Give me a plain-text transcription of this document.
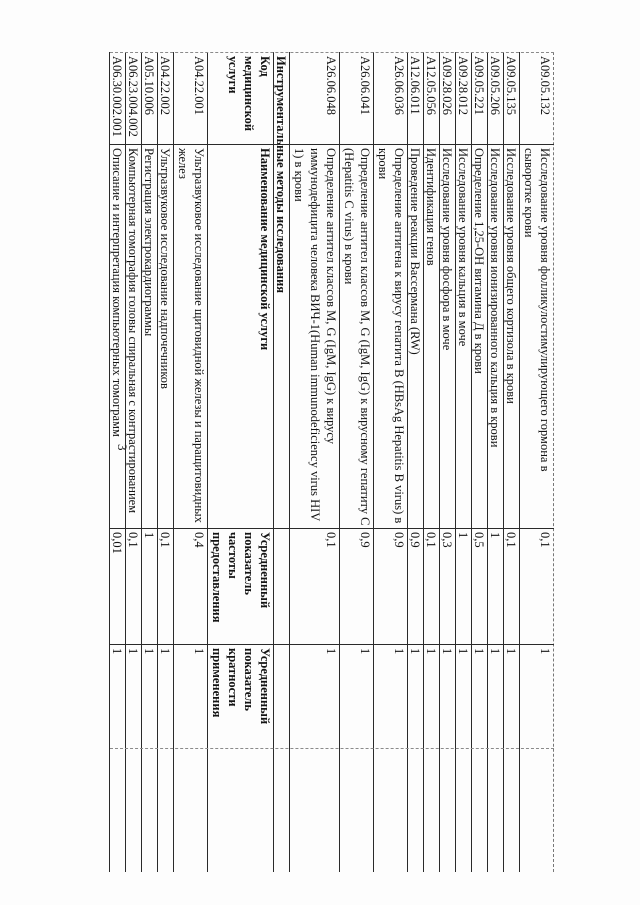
3
A09.05.132
Исследование уровня фолликулостимулирующего гормона в сыворотке крови
0,1
1
A09.05.135
Исследование уровня общего кортизола в крови
0,1
1
A09.05.206
Исследование уровня ионизированного кальция в крови
1
1
A09.05.221
Определение 1,25-ОН витамина Д в крови
0,5
1
A09.28.012
Исследование уровня кальция в моче
1
1
A09.28.026
Исследование уровня фосфора в моче
0,3
1
A12.05.056
Идентификация генов
0,1
1
A12.06.011
Проведение реакции Вассермана (RW)
0,9
1
A26.06.036
Определение антигена к вирусу гепатита B (HBsAg Hepatitis B virus) в крови
0,9
1
A26.06.041
Определение антител классов M, G (IgM, IgG) к вирусному гепатиту C (Hepatitis C virus) в крови
0,9
1
A26.06.048
Определение антител классов M, G (IgM, IgG) к вирусу иммунодефицита человека ВИЧ-1(Human immunodeficiency virus HIV 1) в крови
0,1
1
Инструментальные методы исследования
Код медицинской услуги
Наименование медицинской услуги
Усредненный показатель частоты предоставления
Усредненный показатель кратности применения
A04.22.001
Ультразвуковое исследование щитовидной железы и паращитовидных желез
0,4
1
A04.22.002
Ультразвуковое исследование надпочечников
0,1
1
A05.10.006
Регистрация электрокардиограммы
1
1
A06.23.004.002
Компьютерная томография головы спиральная с контрастированием
0,1
1
A06.30.002.001
Описание и интерпретация компьютерных томограмм
0,01
1
